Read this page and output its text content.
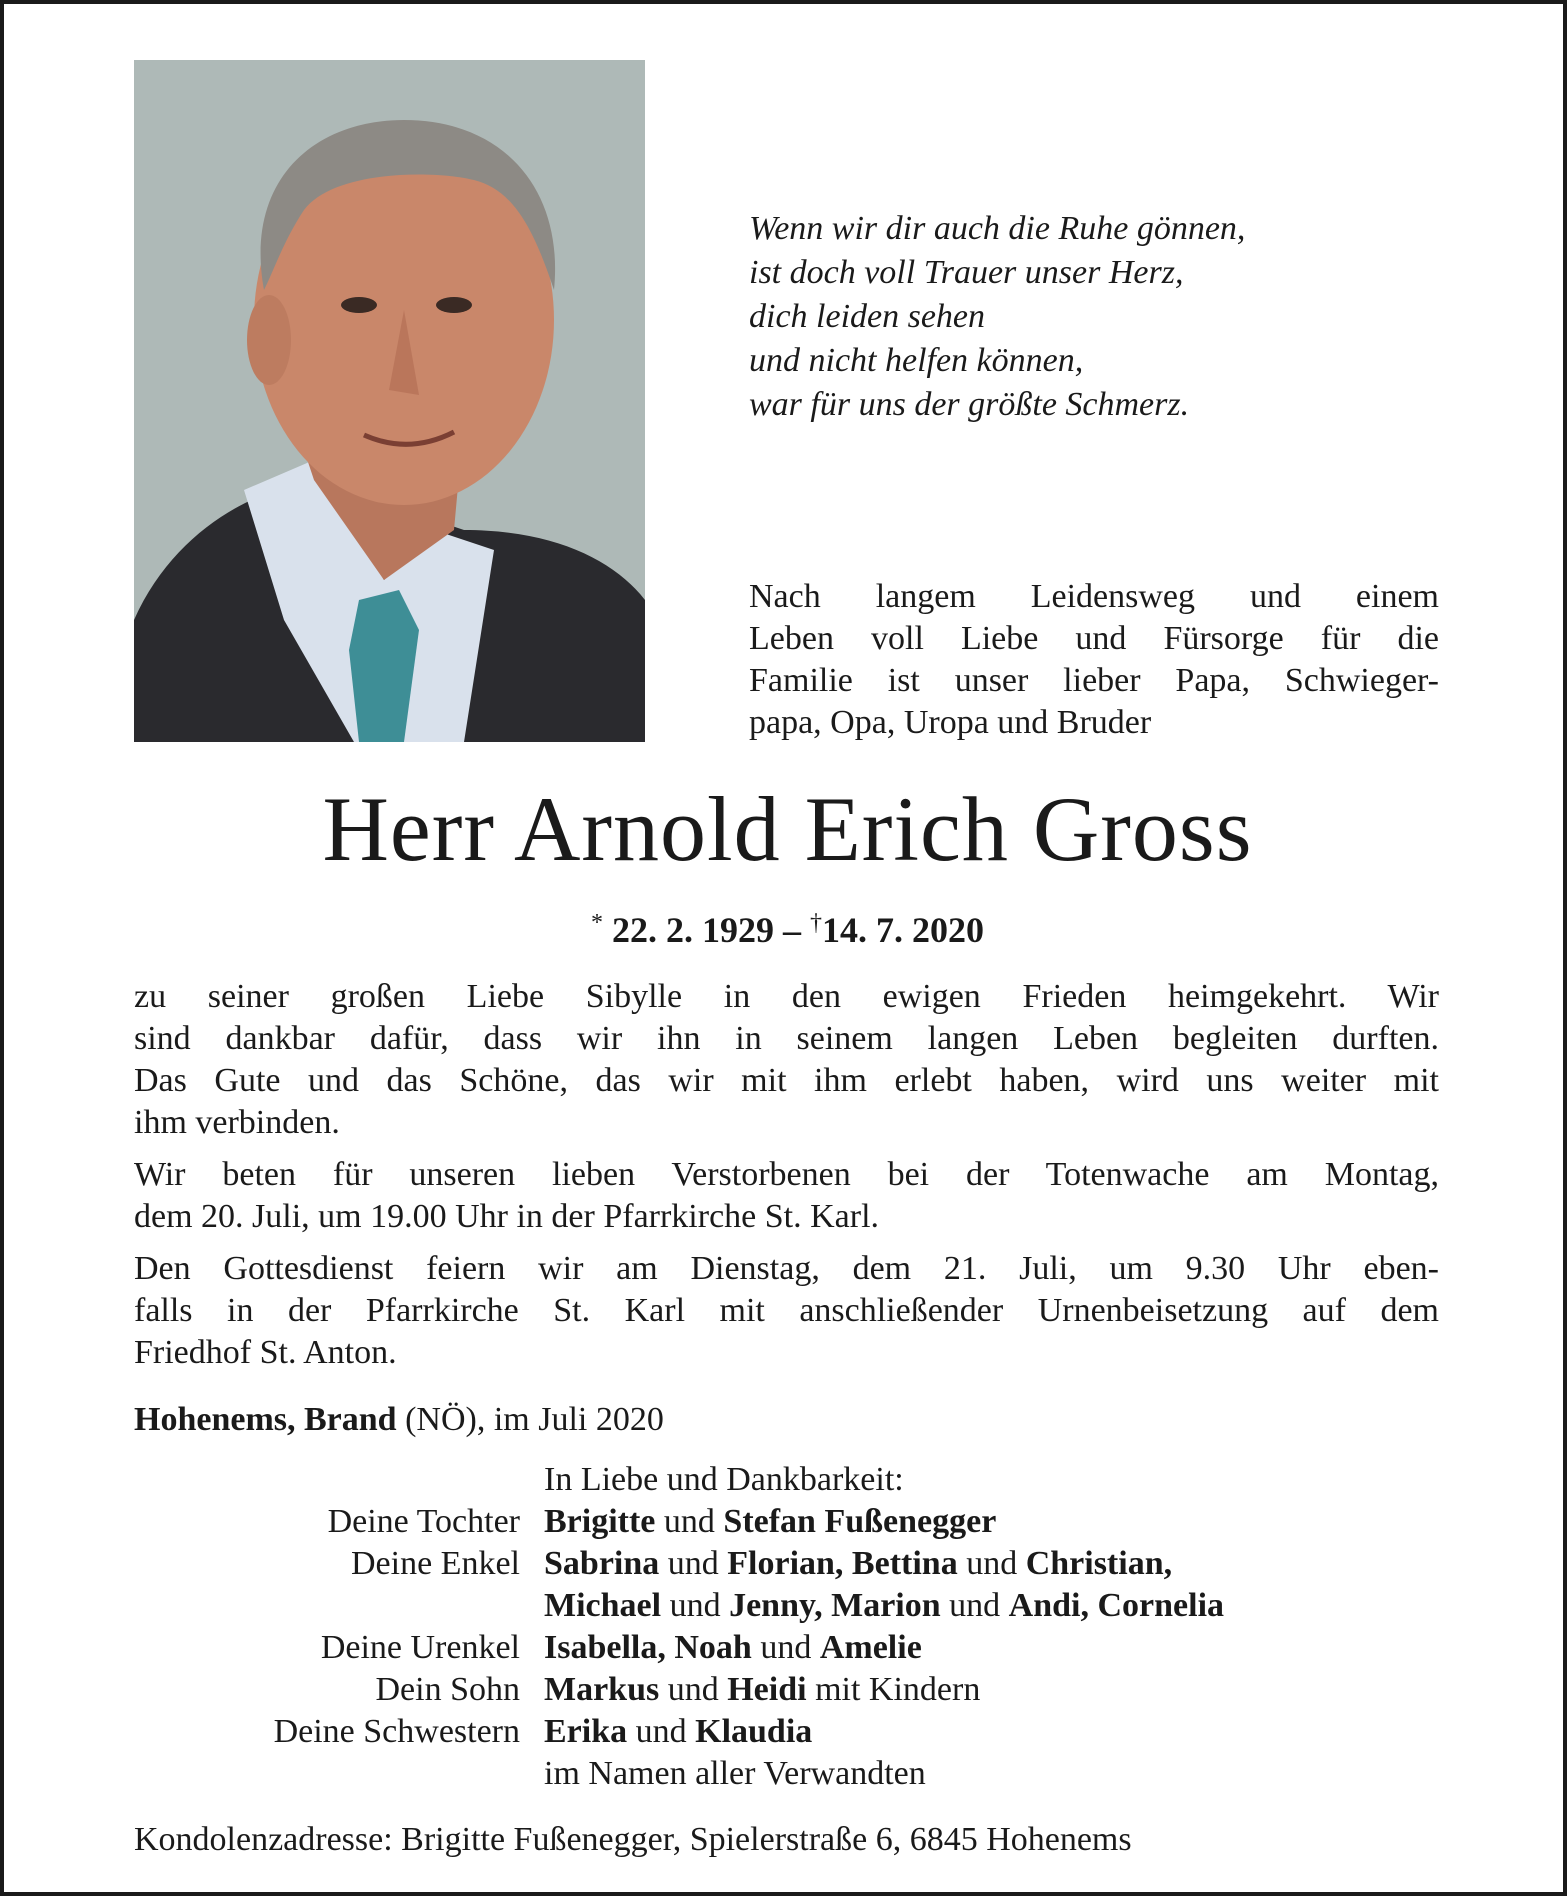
Wenn wir dir auch die Ruhe gönnen,
ist doch voll Trauer unser Herz,
dich leiden sehen
und nicht helfen können,
war für uns der größte Schmerz.
Nach langem Leidensweg und einem
Leben voll Liebe und Fürsorge für die
Familie ist unser lieber Papa, Schwieger-
papa, Opa, Uropa und Bruder
Herr Arnold Erich Gross
* 22. 2. 1929 – †14. 7. 2020

zu seiner großen Liebe Sibylle in den ewigen Frieden heimgekehrt. Wir
sind dankbar dafür, dass wir ihn in seinem langen Leben begleiten durften.
Das Gute und das Schöne, das wir mit ihm erlebt haben, wird uns weiter mit
ihm verbinden.

Wir beten für unseren lieben Verstorbenen bei der Totenwache am Montag,
dem 20. Juli, um 19.00 Uhr in der Pfarrkirche St. Karl.

Den Gottesdienst feiern wir am Dienstag, dem 21. Juli, um 9.30 Uhr eben-
falls in der Pfarrkirche St. Karl mit anschließender Urnenbeisetzung auf dem
Friedhof St. Anton.

Hohenems, Brand (NÖ), im Juli 2020
In Liebe und Dankbarkeit:
Deine Tochter Brigitte und Stefan Fußenegger
Deine Enkel Sabrina und Florian, Bettina und Christian,
Michael und Jenny, Marion und Andi, Cornelia
Deine Urenkel Isabella, Noah und Amelie
Dein Sohn Markus und Heidi mit Kindern
Deine Schwestern Erika und Klaudia
im Namen aller Verwandten
Kondolenzadresse: Brigitte Fußenegger, Spielerstraße 6, 6845 Hohenems
